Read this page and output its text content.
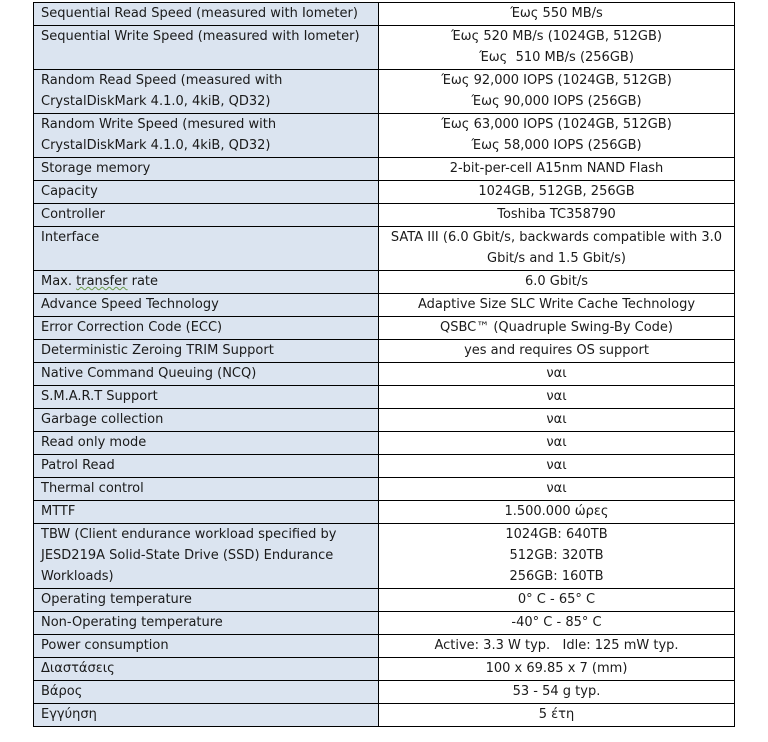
Sequential Read Speed (measured with Iometer)	Έως 550 MB/s

Sequential Write Speed (measured with Iometer)	Έως 520 MB/s (1024GB, 512GB)
Έως  510 MB/s (256GB)

Random Read Speed (measured with CrystalDiskMark 4.1.0, 4kiB, QD32)	Έως 92,000 IOPS (1024GB, 512GB)
Έως 90,000 IOPS (256GB)

Random Write Speed (mesured with CrystalDiskMark 4.1.0, 4kiB, QD32)	Έως 63,000 IOPS (1024GB, 512GB)
Έως 58,000 IOPS (256GB)

Storage memory	2-bit-per-cell A15nm NAND Flash
Capacity	1024GB, 512GB, 256GB
Controller	Toshiba TC358790
Interface	SATA III (6.0 Gbit/s, backwards compatible with 3.0 Gbit/s and 1.5 Gbit/s)
Max. transfer rate	6.0 Gbit/s
Advance Speed Technology	Adaptive Size SLC Write Cache Technology
Error Correction Code (ECC)	QSBC™ (Quadruple Swing-By Code)
Deterministic Zeroing TRIM Support	yes and requires OS support
Native Command Queuing (NCQ)	ναι
S.M.A.R.T Support	ναι
Garbage collection	ναι
Read only mode	ναι
Patrol Read	ναι
Thermal control	ναι
MTTF	1.500.000 ώρες
TBW (Client endurance workload specified by JESD219A Solid-State Drive (SSD) Endurance Workloads)	1024GB: 640TB
512GB: 320TB
256GB: 160TB

Operating temperature	0° C - 65° C
Non-Operating temperature	-40° C - 85° C
Power consumption	Active: 3.3 W typ.   Idle: 125 mW typ.
Διαστάσεις	100 x 69.85 x 7 (mm)
Βάρος	53 - 54 g typ.
Εγγύηση	5 έτη
